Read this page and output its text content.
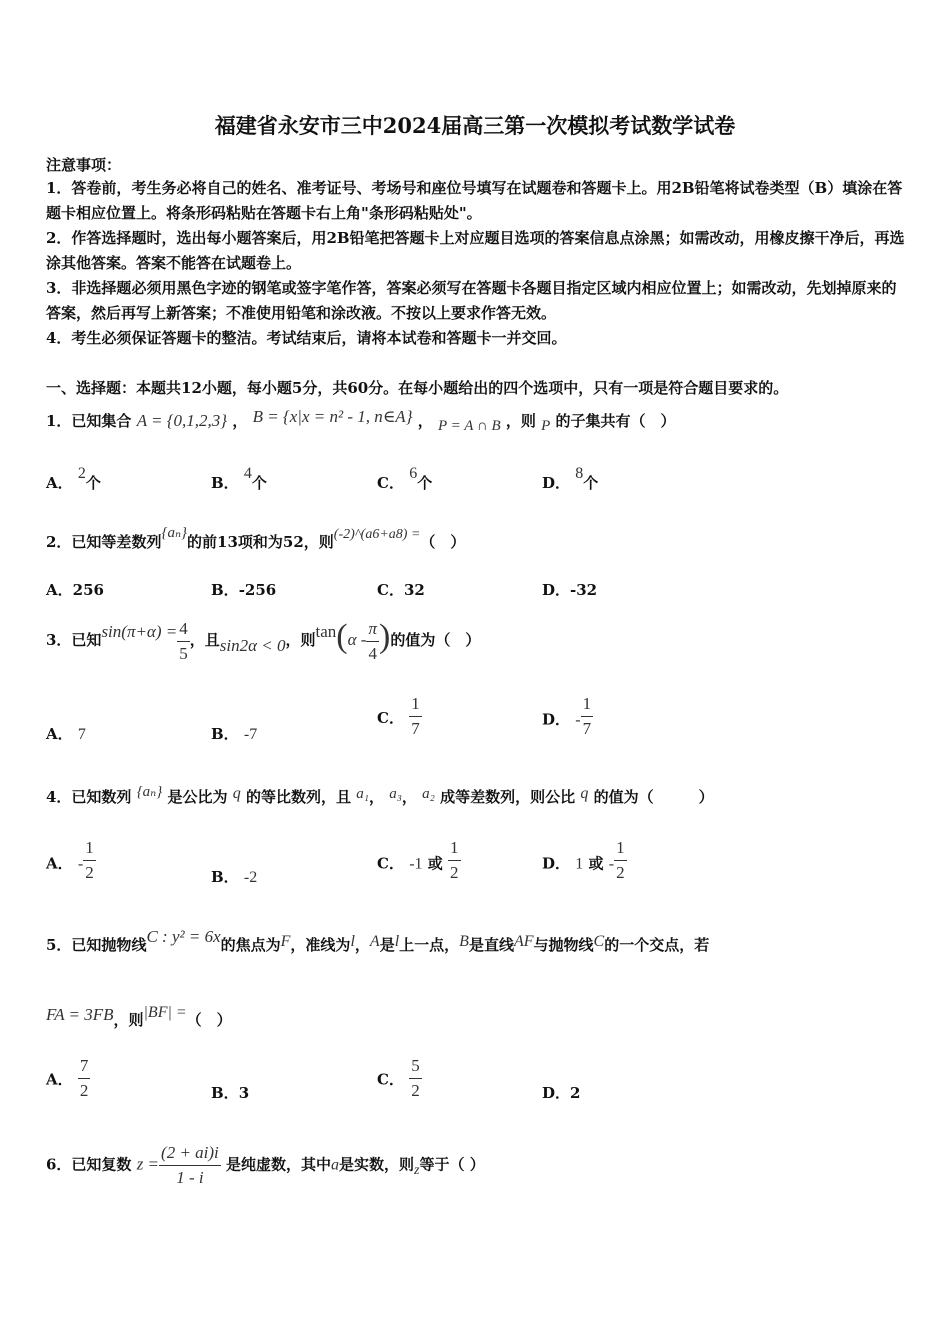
福建省永安市三中2024届高三第一次模拟考试数学试卷
注意事项：
1．答卷前，考生务必将自己的姓名、准考证号、考场号和座位号填写在试题卷和答题卡上。用2B铅笔将试卷类型（B）填涂在答题卡相应位置上。将条形码粘贴在答题卡右上角"条形码粘贴处"。
2．作答选择题时，选出每小题答案后，用2B铅笔把答题卡上对应题目选项的答案信息点涂黑；如需改动，用橡皮擦干净后，再选涂其他答案。答案不能答在试题卷上。
3．非选择题必须用黑色字迹的钢笔或签字笔作答，答案必须写在答题卡各题目指定区域内相应位置上；如需改动，先划掉原来的答案，然后再写上新答案；不准使用铅笔和涂改液。不按以上要求作答无效。
4．考生必须保证答题卡的整洁。考试结束后，请将本试卷和答题卡一并交回。
一、选择题：本题共12小题，每小题5分，共60分。在每小题给出的四个选项中，只有一项是符合题目要求的。
1．已知集合 A = {0,1,2,3} ， B = {x|x = n² - 1, n∈A} ， P = A ∩ B ，则 P 的子集共有（　）
A． 2个	B． 4个	C． 6个	D． 8个
2．已知等差数列{aₙ}的前13项和为52，则(-2)^(a6+a8) =（　）
A．256	B．-256	C．32	D．-32
3．已知$\sin(\pi+\alpha) = \frac{4}{5}$ ，且sin2α < 0，则$\tan(\alpha - \frac{\pi}{4}$ )的值为（　）
A． 7	B． -7
C． $\frac{1}{7}$	D． - $\frac{1}{7}$
4．已知数列 {aₙ} 是公比为 q 的等比数列，且 a₁， a₃， a₂ 成等差数列，则公比 q 的值为（　　　）
A． - $\frac{1}{2}$	B． -2
C． -1 或 $\frac{1}{2}$	D． 1 或 - $\frac{1}{2}$
5．已知抛物线C : y² = 6x的焦点为F，准线为l，A是l上一点，B是直线AF与抛物线C的一个交点，若
FA = 3FB，则|BF| =（　）
A． $\frac{7}{2}$	B．3
C． $\frac{5}{2}$	D．2
6．已知复数 $z = \frac{(2 + ai)i}{1 - i}$ 是纯虚数，其中a是实数，则z等于（ ）
